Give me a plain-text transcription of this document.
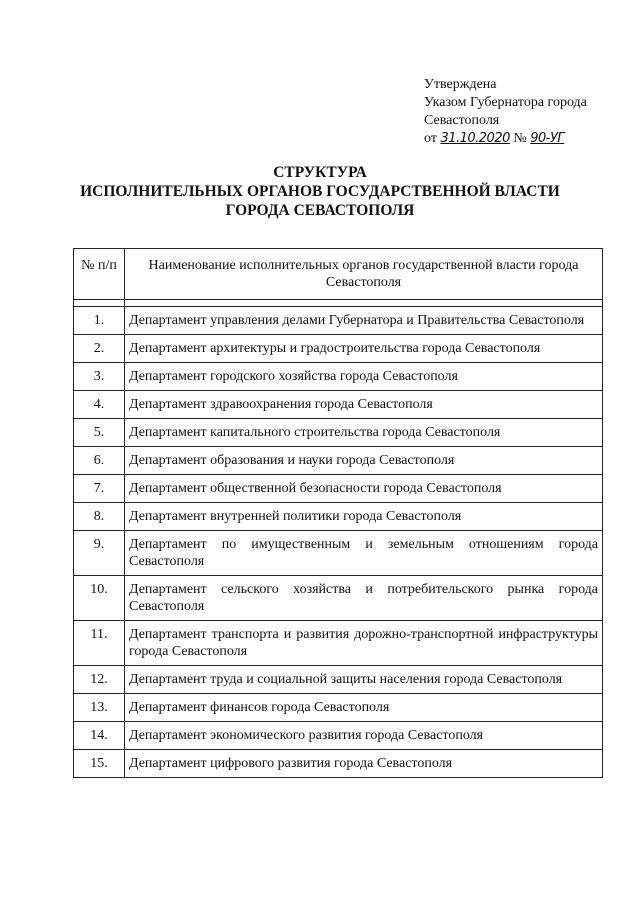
Утверждена
Указом Губернатора города
Севастополя
от 31.10.2020 № 90-УГ
СТРУКТУРА
ИСПОЛНИТЕЛЬНЫХ ОРГАНОВ ГОСУДАРСТВЕННОЙ ВЛАСТИ
ГОРОДА СЕВАСТОПОЛЯ
№ п/п	Наименование исполнительных органов государственной власти города Севастополя

1.	Департамент управления делами Губернатора и Правительства Севастополя
2.	Департамент архитектуры и градостроительства города Севастополя
3.	Департамент городского хозяйства города Севастополя
4.	Департамент здравоохранения города Севастополя
5.	Департамент капитального строительства города Севастополя
6.	Департамент образования и науки города Севастополя
7.	Департамент общественной безопасности города Севастополя
8.	Департамент внутренней политики города Севастополя
9.	Департамент по имущественным и земельным отношениям города Севастополя
10.	Департамент сельского хозяйства и потребительского рынка города Севастополя
11.	Департамент транспорта и развития дорожно-транспортной инфраструктуры города Севастополя
12.	Департамент труда и социальной защиты населения города Севастополя
13.	Департамент финансов города Севастополя
14.	Департамент экономического развития города Севастополя
15.	Департамент цифрового развития города Севастополя
